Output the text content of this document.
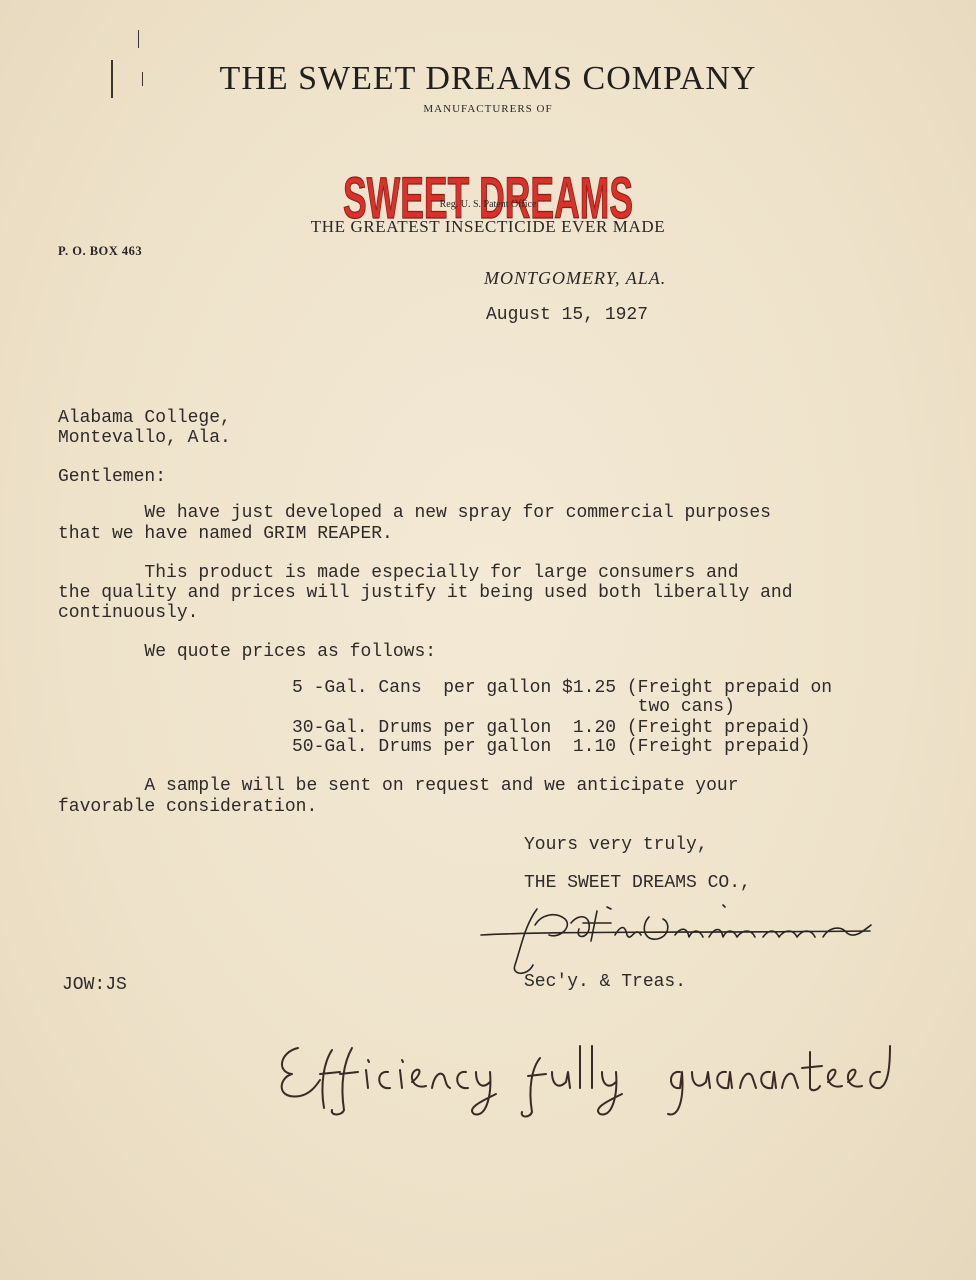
THE SWEET DREAMS COMPANY
MANUFACTURERS OF

SWEET DREAMS

Reg. U. S. Patent Office
THE GREATEST INSECTICIDE EVER MADE
P. O. BOX 463
MONTGOMERY, ALA.
August 15, 1927
Alabama College,
Montevallo, Ala.
Gentlemen:
We have just developed a new spray for commercial purposes
that we have named GRIM REAPER.
This product is made especially for large consumers and
the quality and prices will justify it being used both liberally and
continuously.
We quote prices as follows:
5 -Gal. Cans  per gallon $1.25 (Freight prepaid on
two cans)
30-Gal. Drums per gallon  1.20 (Freight prepaid)
50-Gal. Drums per gallon  1.10 (Freight prepaid)
A sample will be sent on request and we anticipate your
favorable consideration.
Yours very truly,
THE SWEET DREAMS CO.,
Sec'y. & Treas.
JOW:JS
